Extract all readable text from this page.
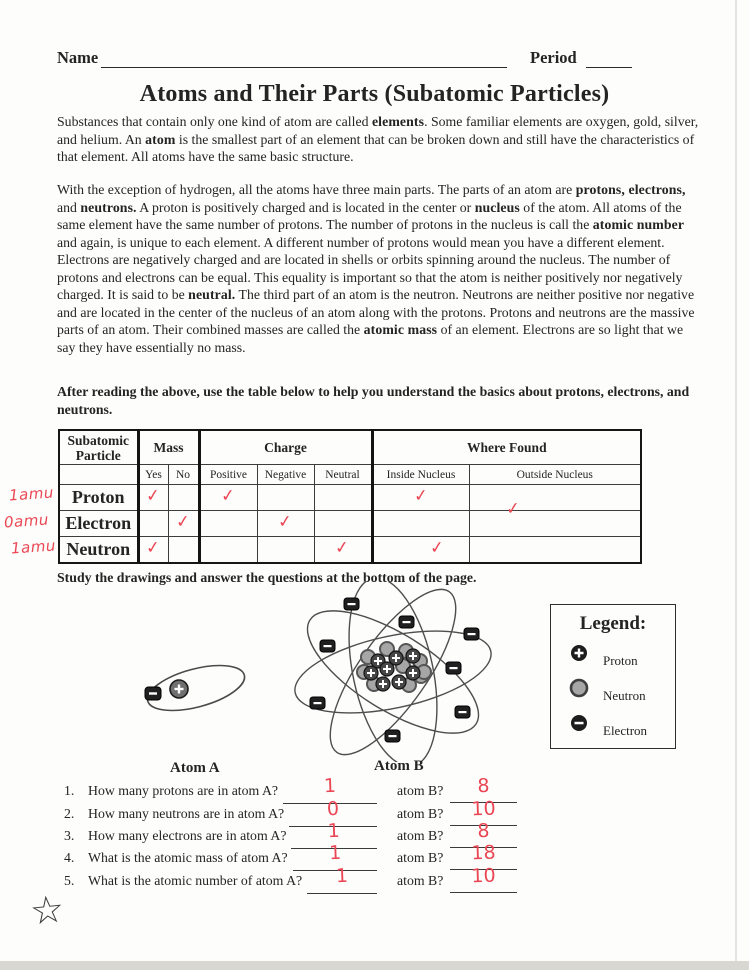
Name	Period
Atoms and Their Parts (Subatomic Particles)

Substances that contain only one kind of atom are called elements. Some familiar elements are oxygen, gold, silver, and helium. An atom is the smallest part of an element that can be broken down and still have the characteristics of that element. All atoms have the same basic structure.

With the exception of hydrogen, all the atoms have three main parts. The parts of an atom are protons, electrons, and neutrons. A proton is positively charged and is located in the center or nucleus of the atom. All atoms of the same element have the same number of protons. The number of protons in the nucleus is call the atomic number and again, is unique to each element. A different number of protons would mean you have a different element. Electrons are negatively charged and are located in shells or orbits spinning around the nucleus. The number of protons and electrons can be equal. This equality is important so that the atom is neither positively nor negatively charged. It is said to be neutral. The third part of an atom is the neutron. Neutrons are neither positive nor negative and are located in the center of the nucleus of an atom along with the protons. Protons and neutrons are the massive parts of an atom. Their combined masses are called the atomic mass of an element. Electrons are so light that we say they have essentially no mass.

After reading the above, use the table below to help you understand the basics about protons, electrons, and neutrons.

1amu
0amu
1amu
Subatomic Particle	Mass		Charge			Where Found	
	Yes	No	Positive	Negative	Neutral	Inside Nucleus	Outside Nucleus
Proton	✓		✓			✓	
Electron		✓		✓			✓
Neutron	✓				✓	✓	

Study the drawings and answer the questions at the bottom of the page.

Legend:
Proton
Neutron
Electron
Atom A	Atom B
1. How many protons are in atom A?	1	atom B?	8
2. How many neutrons are in atom A?	0	atom B?	10
3. How many electrons are in atom A?	1	atom B?	8
4. What is the atomic mass of atom A?	1	atom B?	18
5. What is the atomic number of atom A?	1	atom B?	10
☆
